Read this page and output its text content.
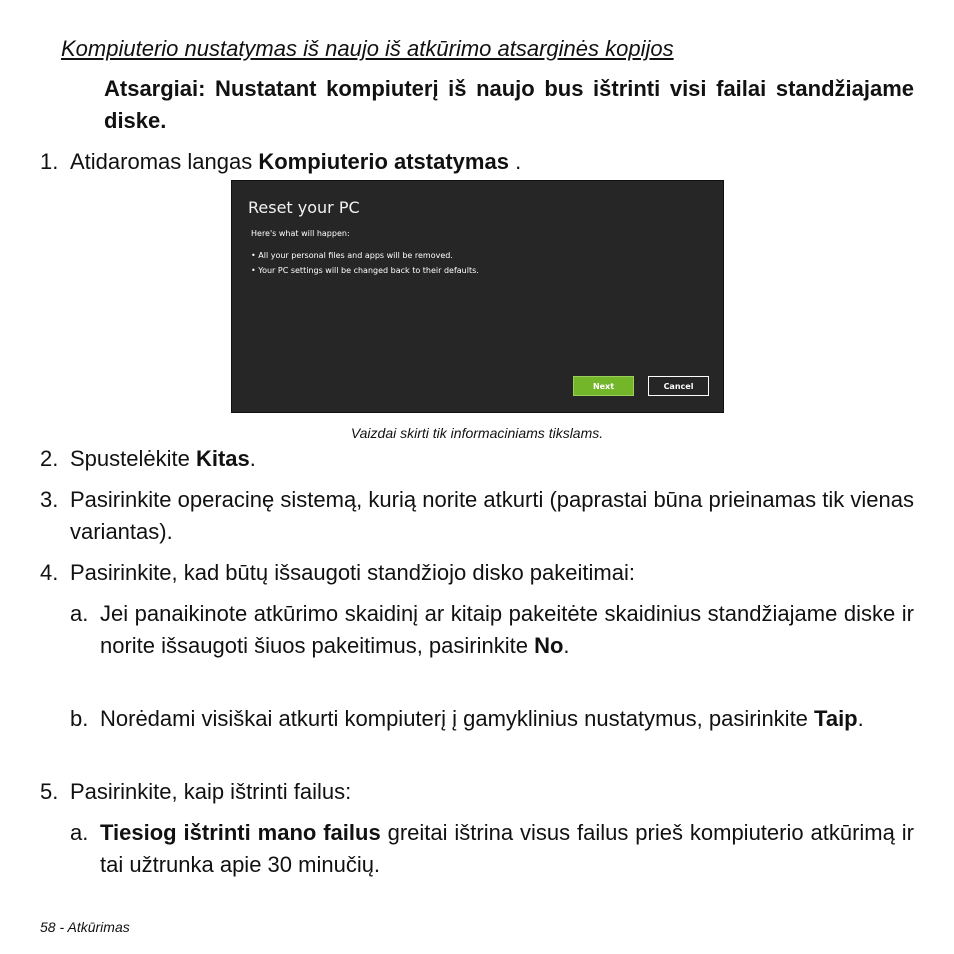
Kompiuterio nustatymas iš naujo iš atkūrimo atsarginės kopijos
Atsargiai: Nustatant kompiuterį iš naujo bus ištrinti visi failai standžiajame diske.
1. Atidaromas langas Kompiuterio atstatymas .
Reset your PC
Here's what will happen:
• All your personal files and apps will be removed.
• Your PC settings will be changed back to their defaults.
Next	Cancel
Vaizdai skirti tik informaciniams tikslams.
2. Spustelėkite Kitas.
3. Pasirinkite operacinę sistemą, kurią norite atkurti (paprastai būna prieinamas tik vienas variantas).
4. Pasirinkite, kad būtų išsaugoti standžiojo disko pakeitimai:
a. Jei panaikinote atkūrimo skaidinį ar kitaip pakeitėte skaidinius standžiajame diske ir norite išsaugoti šiuos pakeitimus, pasirinkite No.
b. Norėdami visiškai atkurti kompiuterį į gamyklinius nustatymus, pasirinkite Taip.
5. Pasirinkite, kaip ištrinti failus:
a. Tiesiog ištrinti mano failus greitai ištrina visus failus prieš kompiuterio atkūrimą ir tai užtrunka apie 30 minučių.
58 - Atkūrimas
